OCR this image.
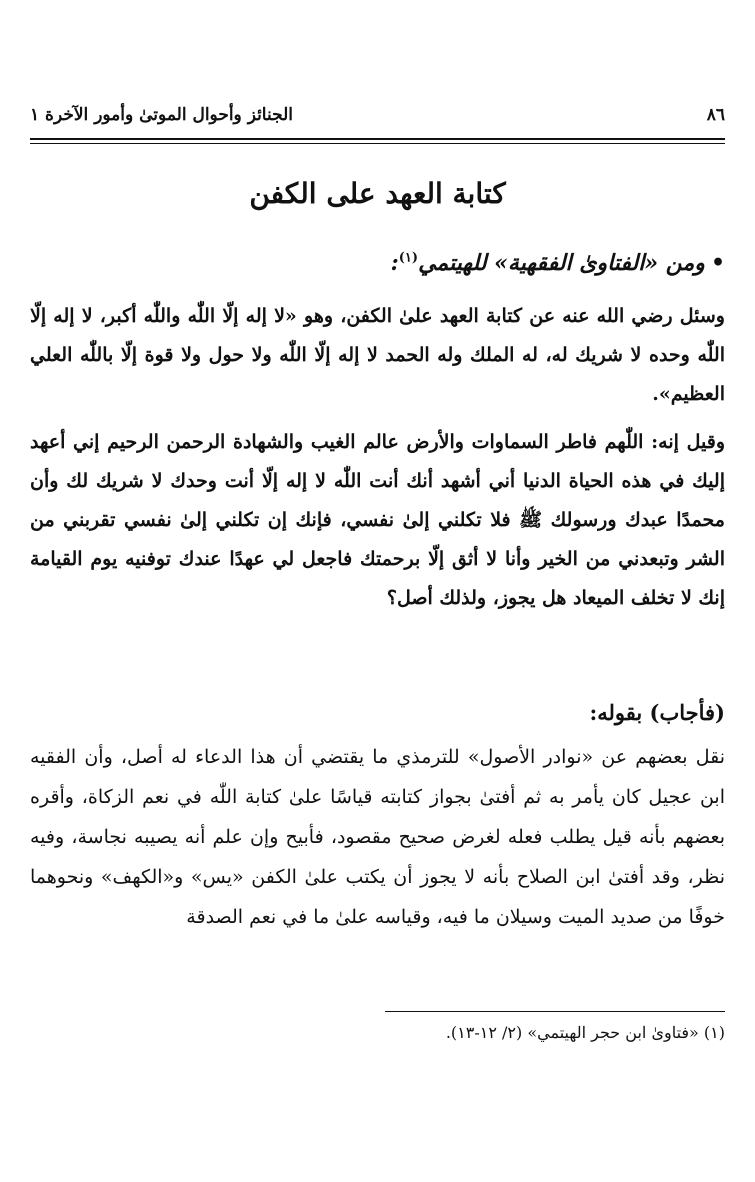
٨٦
الجنائز وأحوال الموتىٰ وأمور الآخرة ١
كتابة العهد على الكفن
•ومن «الفتاوىٰ الفقهية» للهيتمي$^{(١)}$:
وسئل رضي الله عنه عن كتابة العهد علىٰ الكفن، وهو «لا إله إلّا اللّٰه واللّٰه أكبر، لا إله إلّا اللّٰه وحده لا شريك له، له الملك وله الحمد لا إله إلّا اللّٰه ولا حول ولا قوة إلّا باللّٰه العلي العظيم».
وقيل إنه: اللّٰهم فاطر السماوات والأرض عالم الغيب والشهادة الرحمن الرحيم إني أعهد إليك في هذه الحياة الدنيا أني أشهد أنك أنت اللّٰه لا إله إلّا أنت وحدك لا شريك لك وأن محمدًا عبدك ورسولك ﷺ فلا تكلني إلىٰ نفسي، فإنك إن تكلني إلىٰ نفسي تقربني من الشر وتبعدني من الخير وأنا لا أثق إلّا برحمتك فاجعل لي عهدًا عندك توفنيه يوم القيامة إنك لا تخلف الميعاد هل يجوز، ولذلك أصل؟
(فأجاب) بقوله:
نقل بعضهم عن «نوادر الأصول» للترمذي ما يقتضي أن هذا الدعاء له أصل، وأن الفقيه ابن عجيل كان يأمر به ثم أفتىٰ بجواز كتابته قياسًا علىٰ كتابة اللّٰه في نعم الزكاة، وأقره بعضهم بأنه قيل يطلب فعله لغرض صحيح مقصود، فأبيح وإن علم أنه يصيبه نجاسة، وفيه نظر، وقد أفتىٰ ابن الصلاح بأنه لا يجوز أن يكتب علىٰ الكفن «يس» و«الكهف» ونحوهما خوفًا من صديد الميت وسيلان ما فيه، وقياسه علىٰ ما في نعم الصدقة
(١) «فتاوىٰ ابن حجر الهيتمي» (٢/ ١٢-١٣).
